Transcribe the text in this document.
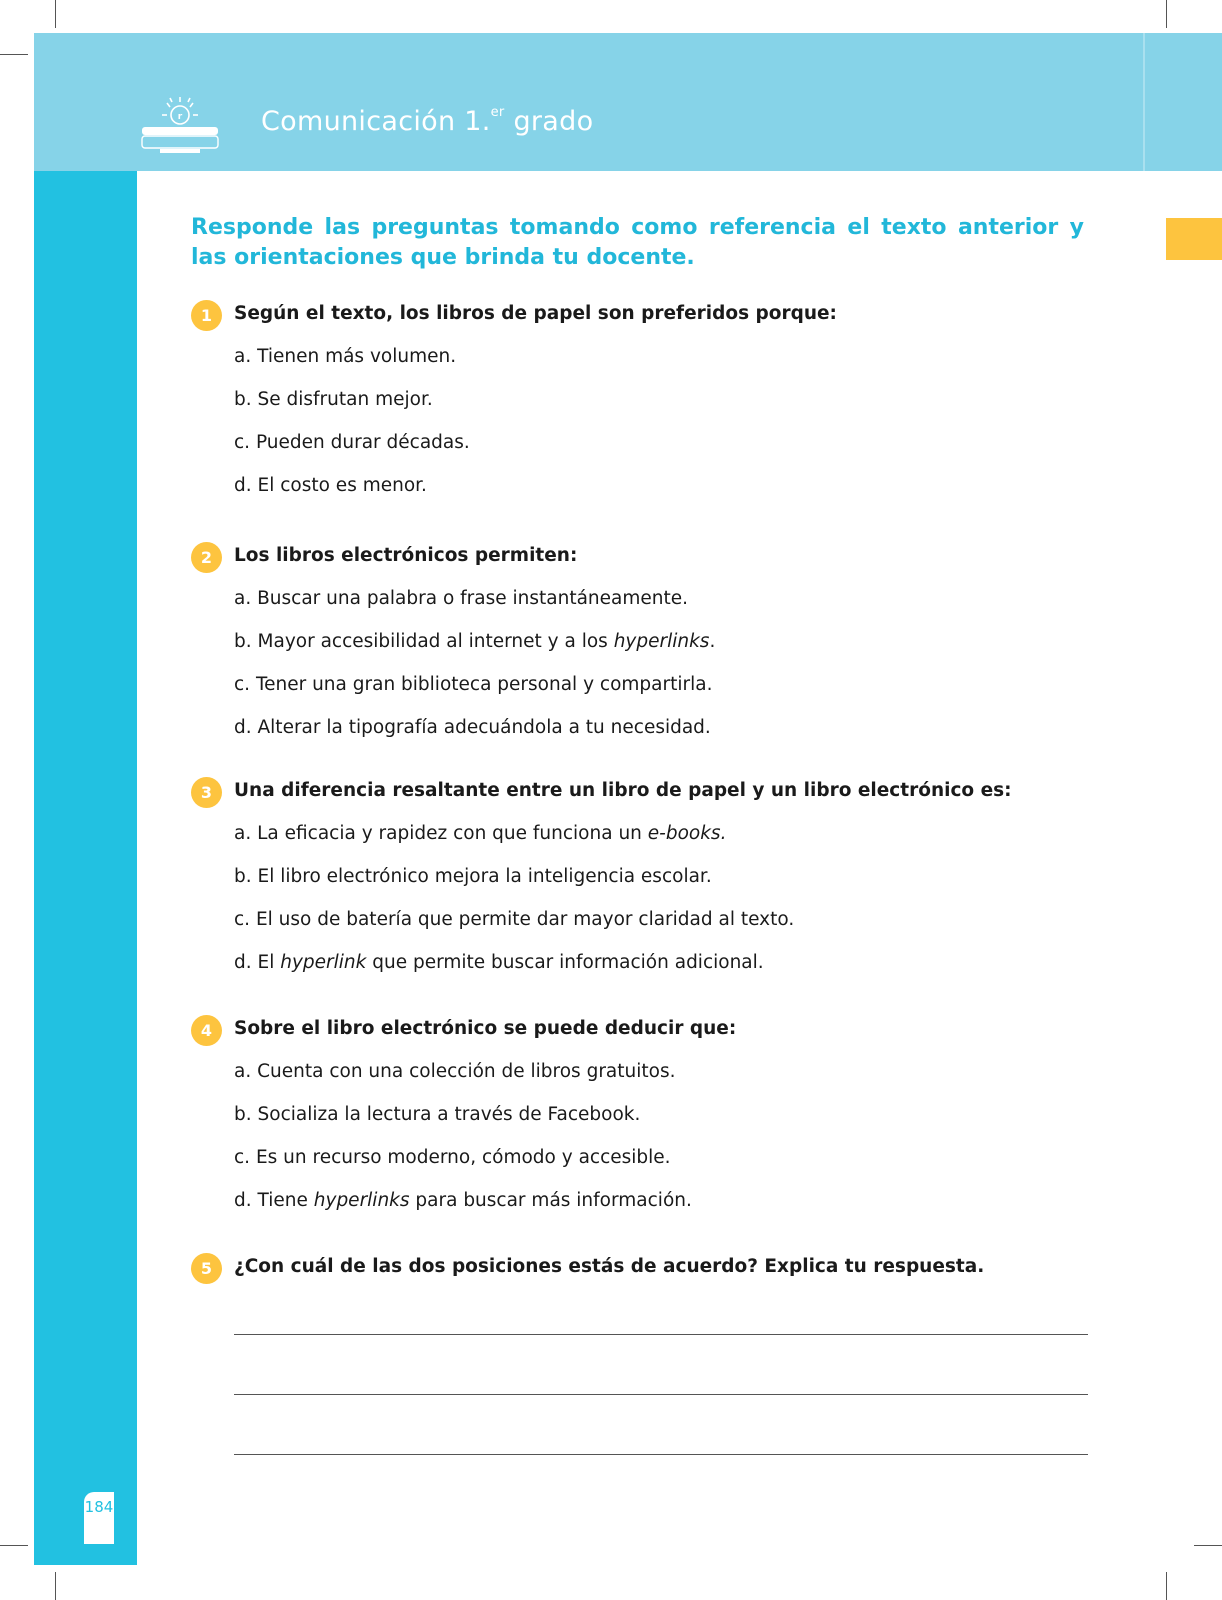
r	Comunicación 1.$^{er}$ grado
184
Responde las preguntas tomando como referencia el texto anterior y las orientaciones que brinda tu docente.
1	Según el texto, los libros de papel son preferidos porque:
a. Tienen más volumen.
b. Se disfrutan mejor.
c. Pueden durar décadas.
d. El costo es menor.
2	Los libros electrónicos permiten:
a. Buscar una palabra o frase instantáneamente.
b. Mayor accesibilidad al internet y a los hyperlinks.
c. Tener una gran biblioteca personal y compartirla.
d. Alterar la tipografía adecuándola a tu necesidad.
3	Una diferencia resaltante entre un libro de papel y un libro electrónico es:
a. La eficacia y rapidez con que funciona un e-books.
b. El libro electrónico mejora la inteligencia escolar.
c. El uso de batería que permite dar mayor claridad al texto.
d. El hyperlink que permite buscar información adicional.
4	Sobre el libro electrónico se puede deducir que:
a. Cuenta con una colección de libros gratuitos.
b. Socializa la lectura a través de Facebook.
c. Es un recurso moderno, cómodo y accesible.
d. Tiene hyperlinks para buscar más información.
5	¿Con cuál de las dos posiciones estás de acuerdo? Explica tu respuesta.
